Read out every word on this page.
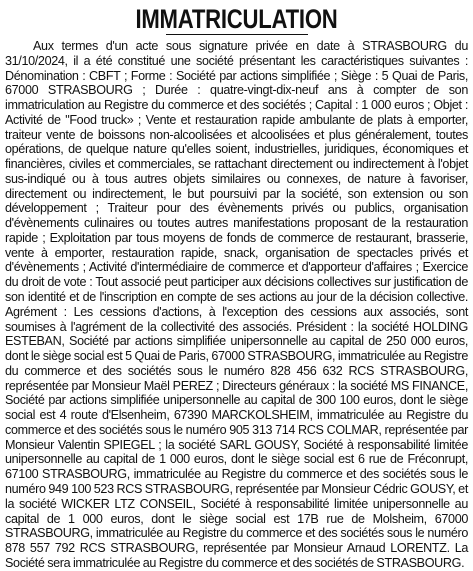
IMMATRICULATION

Aux termes d'un acte sous signature privée en date à STRASBOURG du 31/10/2024, il a été constitué une société présentant les caractéristiques suivantes : Dénomination : CBFT ; Forme : Société par actions simplifiée ; Siège : 5 Quai de Paris, 67000 STRASBOURG ; Durée : quatre-vingt-dix-neuf ans à compter de son immatriculation au Registre du commerce et des sociétés ; Capital : 1 000 euros ; Objet : Activité de "Food truck» ; Vente et restauration rapide ambulante de plats à emporter, traiteur vente de boissons non-alcoolisées et alcoolisées et plus généralement, toutes opérations, de quelque nature qu'elles soient, industrielles, juridiques, économiques et financières, civiles et commerciales, se rattachant directement ou indirectement à l'objet sus-indiqué ou à tous autres objets similaires ou connexes, de nature à favoriser, directement ou indirectement, le but poursuivi par la société, son extension ou son développement ; Traiteur pour des évènements privés ou publics, organisation d'évènements culinaires ou toutes autres manifestations proposant de la restauration rapide ; Exploitation par tous moyens de fonds de commerce de restaurant, brasserie, vente à emporter, restauration rapide, snack, organisation de spectacles privés et d'évènements ; Activité d'intermédiaire de commerce et d'apporteur d'affaires ; Exercice du droit de vote : Tout associé peut participer aux décisions collectives sur justification de son identité et de l'inscription en compte de ses actions au jour de la décision collective. Agrément : Les cessions d'actions, à l'exception des cessions aux associés, sont soumises à l'agrément de la collectivité des associés. Président : la société HOLDING ESTEBAN, Société par actions simplifiée unipersonnelle au capital de 250 000 euros, dont le siège social est 5 Quai de Paris, 67000 STRASBOURG, immatriculée au Registre du commerce et des sociétés sous le numéro 828 456 632 RCS STRASBOURG, représentée par Monsieur Maël PEREZ ; Directeurs généraux : la société MS FINANCE, Société par actions simplifiée unipersonnelle au capital de 300 100 euros, dont le siège social est 4 route d'Elsenheim, 67390 MARCKOLSHEIM, immatriculée au Registre du commerce et des sociétés sous le numéro 905 313 714 RCS COLMAR, représentée par Monsieur Valentin SPIEGEL ; la société SARL GOUSY, Société à responsabilité limitée unipersonnelle au capital de 1 000 euros, dont le siège social est 6 rue de Fréconrupt, 67100 STRASBOURG, immatriculée au Registre du commerce et des sociétés sous le numéro 949 100 523 RCS STRASBOURG, représentée par Monsieur Cédric GOUSY, et la société WICKER LTZ CONSEIL, Société à responsabilité limitée unipersonnelle au capital de 1 000 euros, dont le siège social est 17B rue de Molsheim, 67000 STRASBOURG, immatriculée au Registre du commerce et des sociétés sous le numéro 878 557 792 RCS STRASBOURG, représentée par Monsieur Arnaud LORENTZ. La Société sera immatriculée au Registre du commerce et des sociétés de STRASBOURG.
